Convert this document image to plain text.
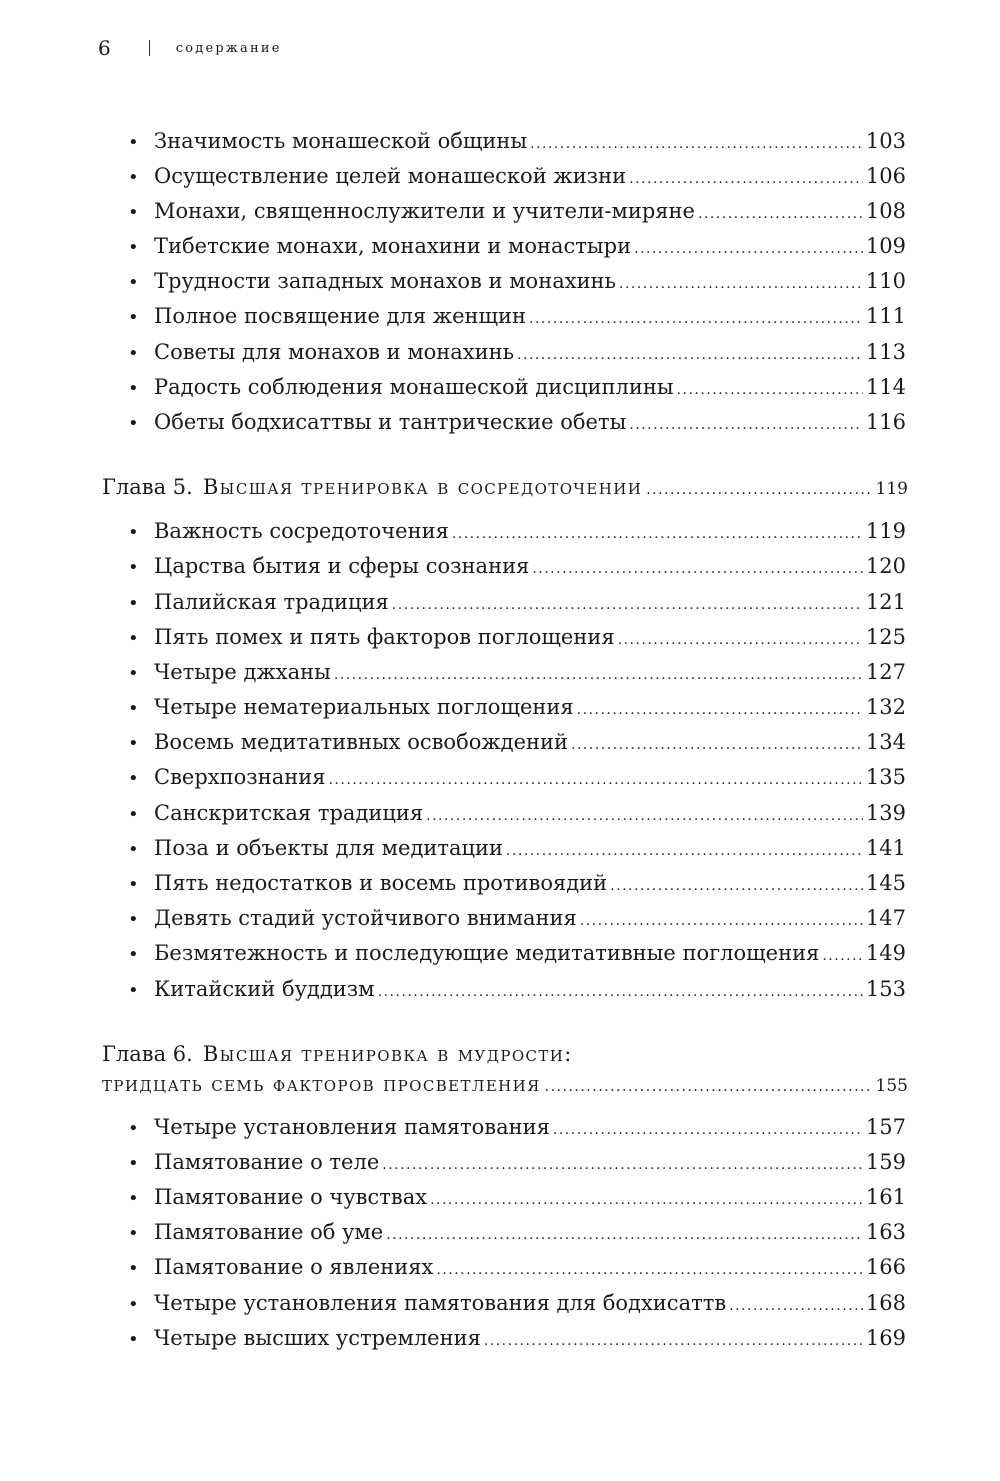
6	содержание
• Значимость монашеской общины .....	103
• Осуществление целей монашеской жизни .....	106
• Монахи, священнослужители и учители-миряне .....	108
• Тибетские монахи, монахини и монастыри .....	109
• Трудности западных монахов и монахинь .....	110
• Полное посвящение для женщин .....	111
• Советы для монахов и монахинь .....	113
• Радость соблюдения монашеской дисциплины .....	114
• Обеты бодхисаттвы и тантрические обеты .....	116
Глава 5. Высшая тренировка в сосредоточении .....	119
• Важность сосредоточения .....	119
• Царства бытия и сферы сознания .....	120
• Палийская традиция .....	121
• Пять помех и пять факторов поглощения .....	125
• Четыре джханы .....	127
• Четыре нематериальных поглощения .....	132
• Восемь медитативных освобождений .....	134
• Сверхпознания .....	135
• Санскритская традиция .....	139
• Поза и объекты для медитации .....	141
• Пять недостатков и восемь противоядий .....	145
• Девять стадий устойчивого внимания .....	147
• Безмятежность и последующие медитативные поглощения ..... 149
• Китайский буддизм .....	153
Глава 6. Высшая тренировка в мудрости:
тридцать семь факторов просветления .....	155
• Четыре установления памятования .....	157
• Памятование о теле .....	159
• Памятование о чувствах .....	161
• Памятование об уме .....	163
• Памятование о явлениях .....	166
• Четыре установления памятования для бодхисаттв .....	168
• Четыре высших устремления .....	169
